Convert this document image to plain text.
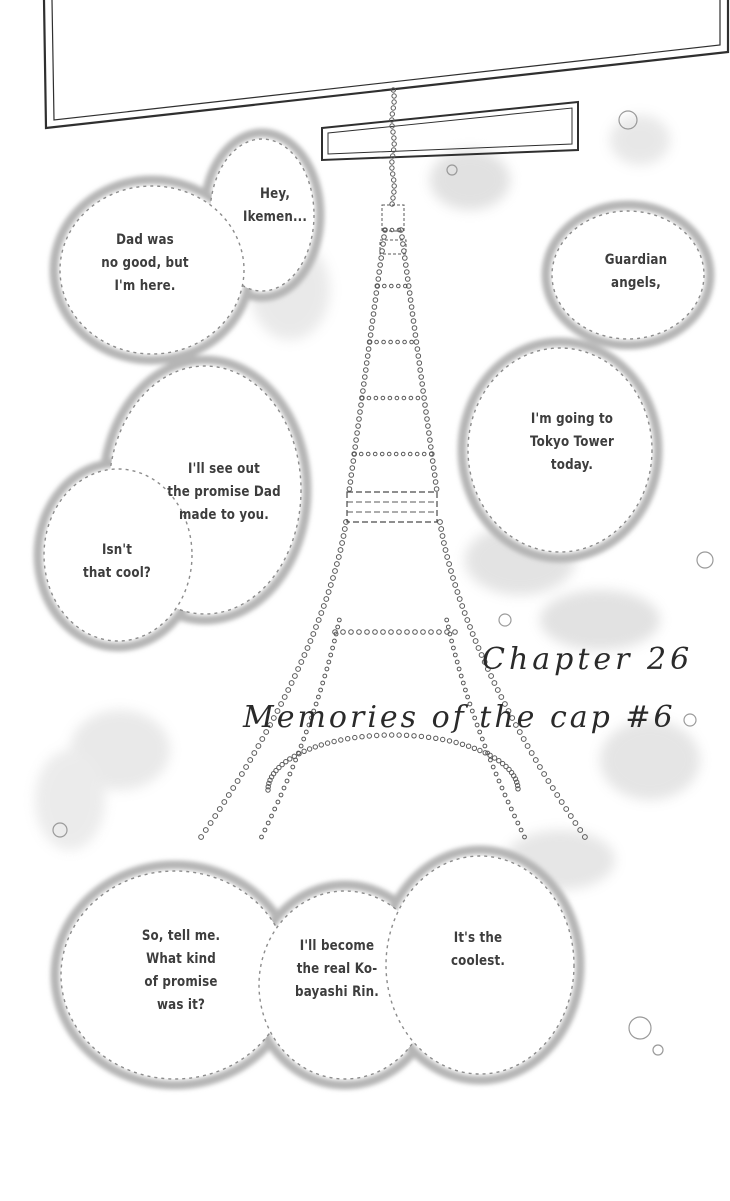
Hey,
Ikemen...
Dad was
no good, but
I'm here.
Guardian
angels,
I'm going to
Tokyo Tower
today.
I'll see out
the promise Dad
made to you.
Isn't
that cool?
So, tell me.
What kind
of promise
was it?
I'll become
the real Ko-
bayashi Rin.
It's the
coolest.
Chapter 26
Memories of the cap #6
